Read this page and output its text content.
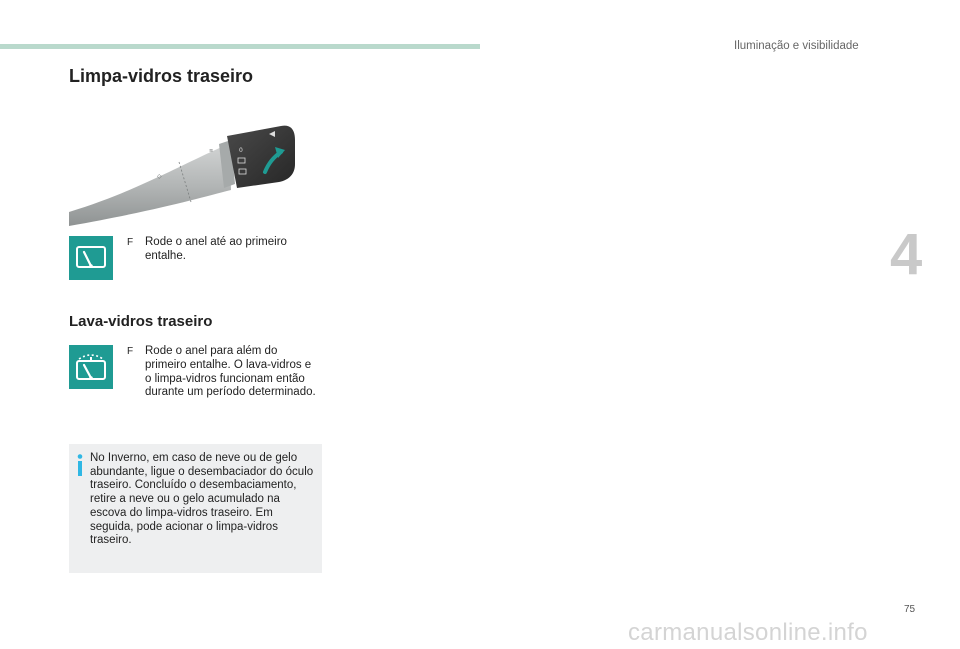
Iluminação e visibilidade
4
Limpa-vidros traseiro
0
◇
≡
F	Rode o anel até ao primeiro entalhe.
Lava-vidros traseiro
F	Rode o anel para além do primeiro entalhe. O lava-vidros e o limpa-vidros funcionam então durante um período determinado.
No Inverno, em caso de neve ou de gelo abundante, ligue o desembaciador do óculo traseiro. Concluído o desembaciamento, retire a neve ou o gelo acumulado na escova do limpa-vidros traseiro. Em seguida, pode acionar o limpa-vidros traseiro.
75
carmanualsonline.info
